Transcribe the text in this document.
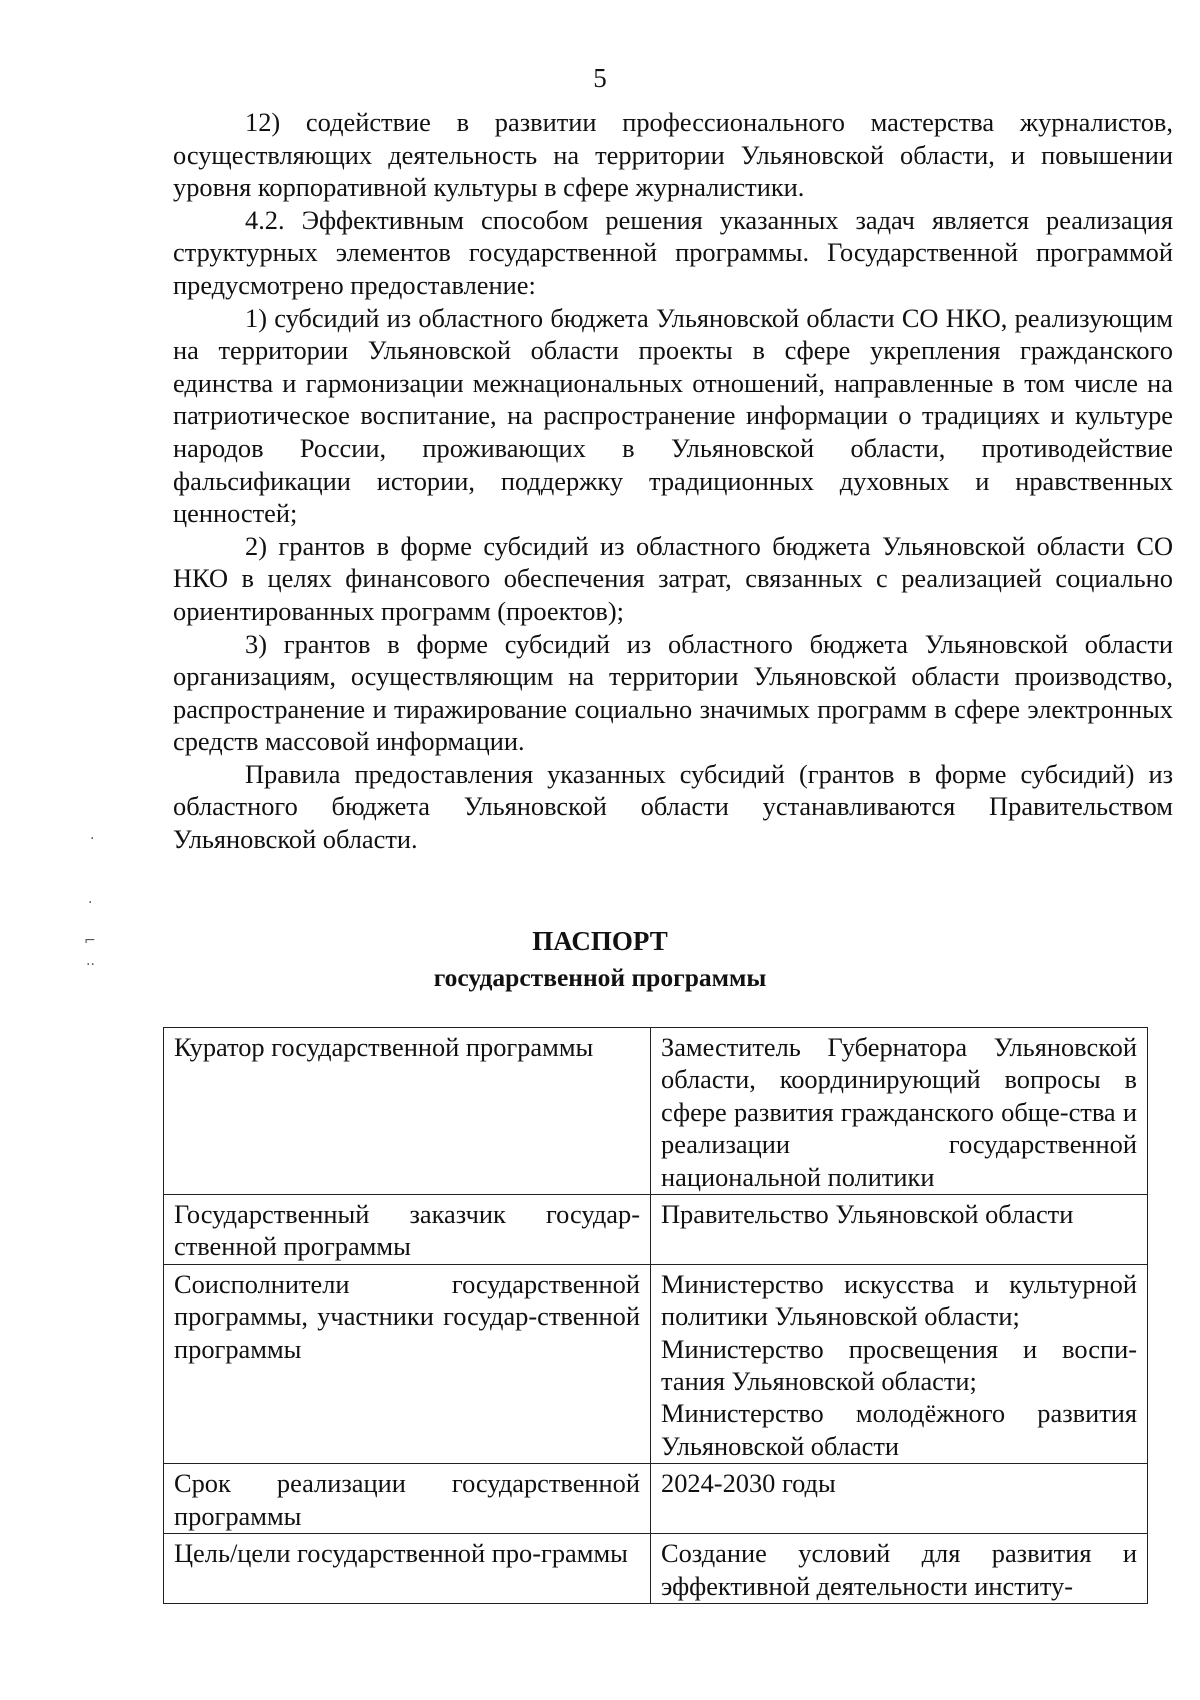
5

12) содействие в развитии профессионального мастерства журналистов, осуществляющих деятельность на территории Ульяновской области, и повышении уровня корпоративной культуры в сфере журналистики.

4.2. Эффективным способом решения указанных задач является реализация структурных элементов государственной программы. Государственной программой предусмотрено предоставление:

1) субсидий из областного бюджета Ульяновской области СО НКО, реализующим на территории Ульяновской области проекты в сфере укрепления гражданского единства и гармонизации межнациональных отношений, направленные в том числе на патриотическое воспитание, на распространение информации о традициях и культуре народов России, проживающих в Ульяновской области, противодействие фальсификации истории, поддержку традиционных духовных и нравственных ценностей;

2) грантов в форме субсидий из областного бюджета Ульяновской области СО НКО в целях финансового обеспечения затрат, связанных с реализацией социально ориентированных программ (проектов);

3) грантов в форме субсидий из областного бюджета Ульяновской области организациям, осуществляющим на территории Ульяновской области производство, распространение и тиражирование социально значимых программ в сфере электронных средств массовой информации.

Правила предоставления указанных субсидий (грантов в форме субсидий) из областного бюджета Ульяновской области устанавливаются Правительством Ульяновской области.

ПАСПОРТ
государственной программы
Куратор государственной программы	Заместитель Губернатора Ульяновской области, координирующий вопросы в сфере развития гражданского обще-ства и реализации государственной национальной политики
Государственный заказчик государ-ственной программы	Правительство Ульяновской области
Соисполнители государственной программы, участники государ-ственной программы	Министерство искусства и культурной политики Ульяновской области;
Министерство просвещения и воспи-тания Ульяновской области;
Министерство молодёжного развития Ульяновской области

Срок реализации государственной программы	2024-2030 годы
Цель/цели государственной про-граммы	Создание условий для развития и эффективной деятельности институ-
·
·
⌐
··
